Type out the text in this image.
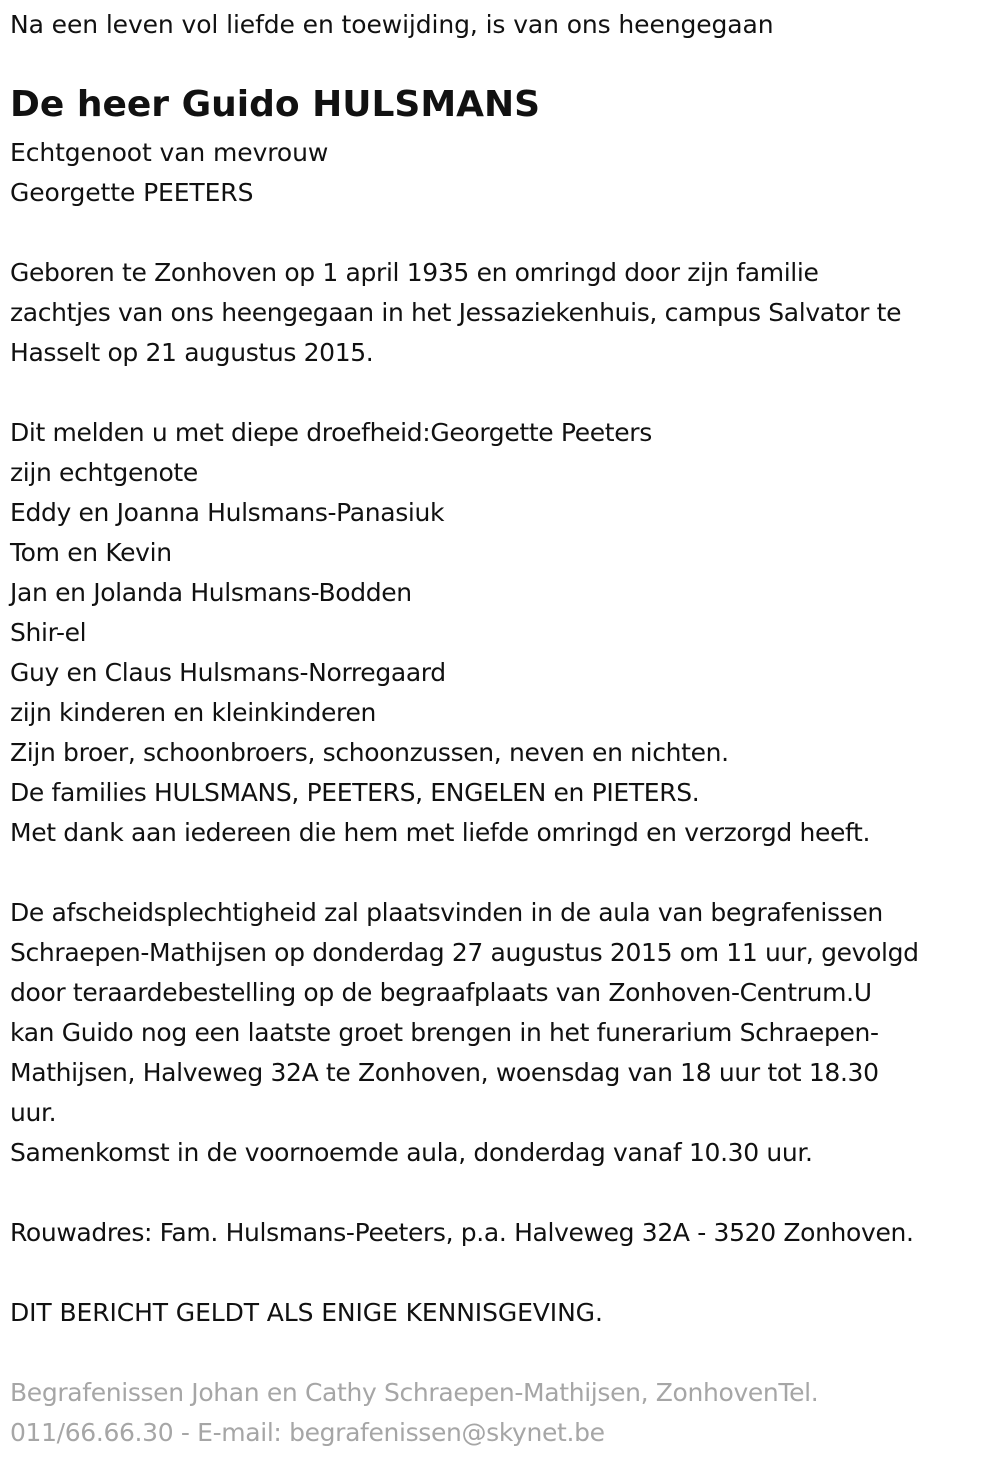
Na een leven vol liefde en toewijding, is van ons heengegaan
De heer Guido HULSMANS
Echtgenoot van mevrouw
Georgette PEETERS
Geboren te Zonhoven op 1 april 1935 en omringd door zijn familie
zachtjes van ons heengegaan in het Jessaziekenhuis, campus Salvator te
Hasselt op 21 augustus 2015.
Dit melden u met diepe droefheid:Georgette Peeters
zijn echtgenote
Eddy en Joanna Hulsmans-Panasiuk
Tom en Kevin
Jan en Jolanda Hulsmans-Bodden
Shir-el
Guy en Claus Hulsmans-Norregaard
zijn kinderen en kleinkinderen
Zijn broer, schoonbroers, schoonzussen, neven en nichten.
De families HULSMANS, PEETERS, ENGELEN en PIETERS.
Met dank aan iedereen die hem met liefde omringd en verzorgd heeft.
De afscheidsplechtigheid zal plaatsvinden in de aula van begrafenissen
Schraepen-Mathijsen op donderdag 27 augustus 2015 om 11 uur, gevolgd
door teraardebestelling op de begraafplaats van Zonhoven-Centrum.U
kan Guido nog een laatste groet brengen in het funerarium Schraepen-
Mathijsen, Halveweg 32A te Zonhoven, woensdag van 18 uur tot 18.30
uur.
Samenkomst in de voornoemde aula, donderdag vanaf 10.30 uur.
Rouwadres: Fam. Hulsmans-Peeters, p.a. Halveweg 32A - 3520 Zonhoven.
DIT BERICHT GELDT ALS ENIGE KENNISGEVING.
Begrafenissen Johan en Cathy Schraepen-Mathijsen, ZonhovenTel.
011/66.66.30 - E-mail: begrafenissen@skynet.be
